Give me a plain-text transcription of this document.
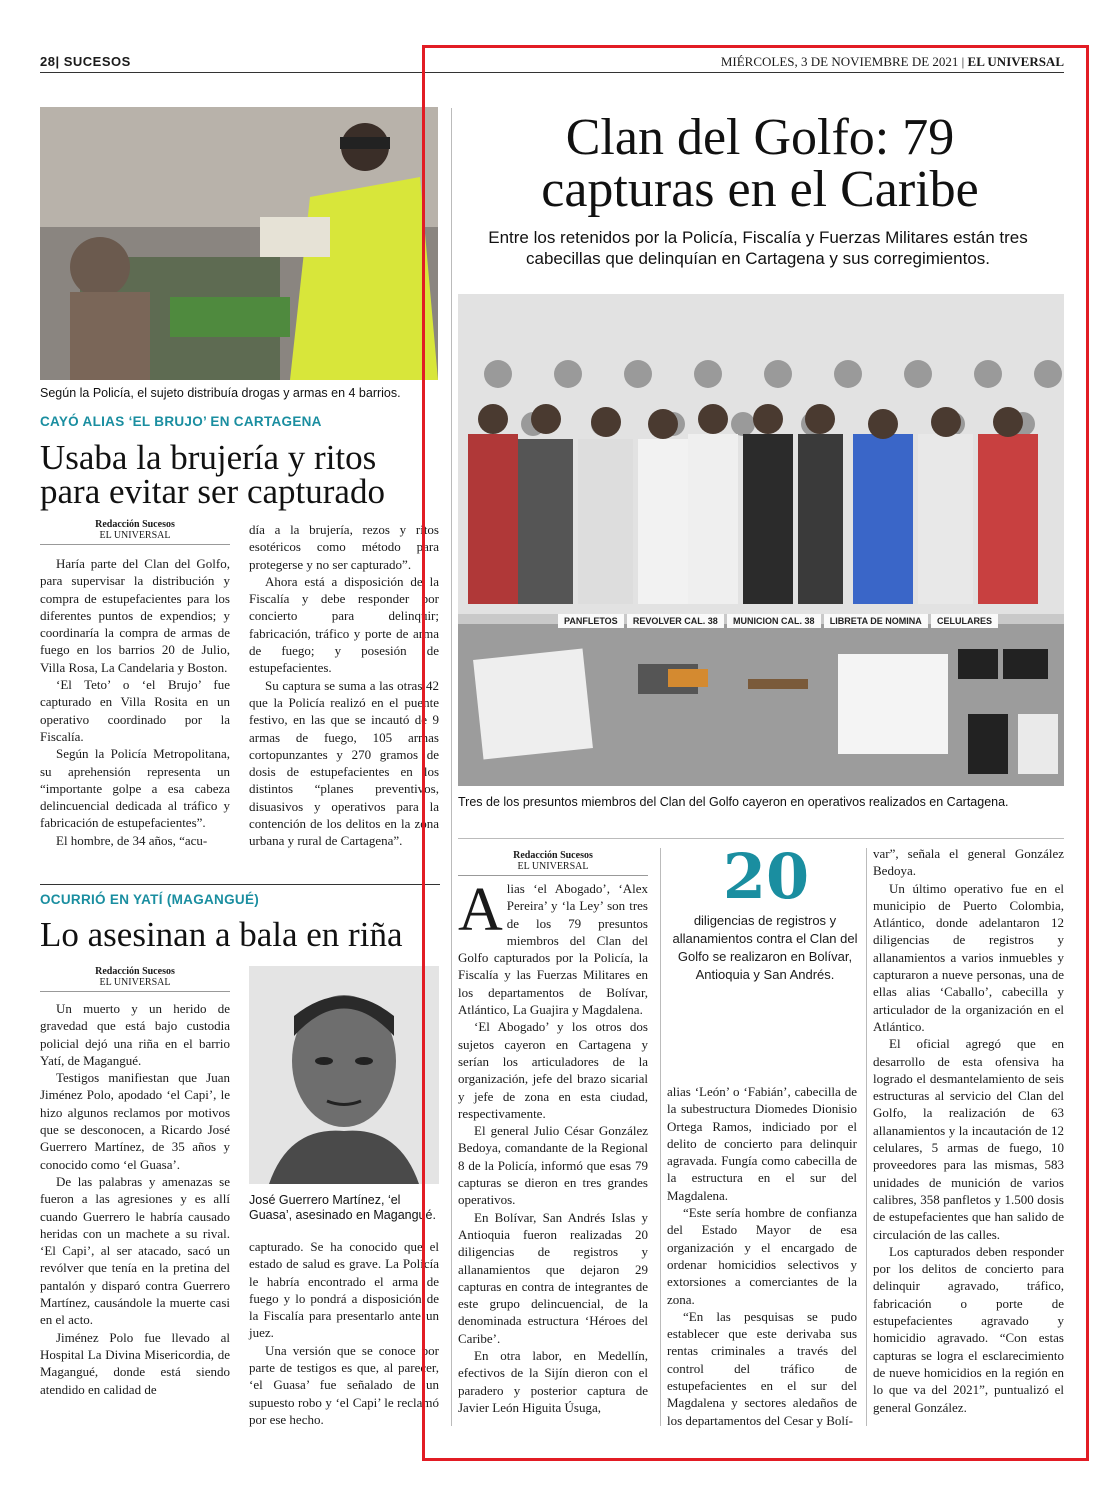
28| SUCESOS	MIÉRCOLES, 3 DE NOVIEMBRE DE 2021 | EL UNIVERSAL
Según la Policía, el sujeto distribuía drogas y armas en 4 barrios.
CAYÓ ALIAS ‘EL BRUJO’ EN CARTAGENA
Usaba la brujería y ritos para evitar ser capturado
Redacción Sucesos
EL UNIVERSAL

Haría parte del Clan del Golfo, para supervisar la distribución y compra de estupefacientes para los diferentes puntos de expendios; y coordinaría la compra de armas de fuego en los barrios 20 de Julio, Villa Rosa, La Candelaria y Boston.

‘El Teto’ o ‘el Brujo’ fue capturado en Villa Rosita en un operativo coordinado por la Fiscalía.

Según la Policía Metropolitana, su aprehensión representa un “importante golpe a esa cabeza delincuencial dedicada al tráfico y fabricación de estupefacientes”.

El hombre, de 34 años, “acu-

día a la brujería, rezos y ritos esotéricos como método para protegerse y no ser capturado”.

Ahora está a disposición de la Fiscalía y debe responder por concierto para delinquir; fabricación, tráfico y porte de arma de fuego; y posesión de estupefacientes.

Su captura se suma a las otras 42 que la Policía realizó en el puente festivo, en las que se incautó de 9 armas de fuego, 105 armas cortopunzantes y 270 gramos de dosis de estupefacientes en los distintos “planes preventivos, disuasivos y operativos para la contención de los delitos en la zona urbana y rural de Cartagena”.

OCURRIÓ EN YATÍ (MAGANGUÉ)
Lo asesinan a bala en riña
Redacción Sucesos
EL UNIVERSAL

Un muerto y un herido de gravedad que está bajo custodia policial dejó una riña en el barrio Yatí, de Magangué.

Testigos manifiestan que Juan Jiménez Polo, apodado ‘el Capi’, le hizo algunos reclamos por motivos que se desconocen, a Ricardo José Guerrero Martínez, de 35 años y conocido como ‘el Guasa’.

De las palabras y amenazas se fueron a las agresiones y es allí cuando Guerrero le habría causado heridas con un machete a su rival. ‘El Capi’, al ser atacado, sacó un revólver que tenía en la pretina del pantalón y disparó contra Guerrero Martínez, causándole la muerte casi en el acto.

Jiménez Polo fue llevado al Hospital La Divina Misericordia, de Magangué, donde está siendo atendido en calidad de

José Guerrero Martínez, ‘el Guasa’, asesinado en Magangué.

capturado. Se ha conocido que el estado de salud es grave. La Policía le habría encontrado el arma de fuego y lo pondrá a disposición de la Fiscalía para presentarlo ante un juez.

Una versión que se conoce por parte de testigos es que, al parecer, ‘el Guasa’ fue señalado de un supuesto robo y ‘el Capi’ le reclamó por ese hecho.

Clan del Golfo: 79 capturas en el Caribe
Entre los retenidos por la Policía, Fiscalía y Fuerzas Militares están tres cabecillas que delinquían en Cartagena y sus corregimientos.
PANFLETOS	REVOLVER CAL. 38	MUNICION CAL. 38	LIBRETA DE NOMINA	CELULARES
Tres de los presuntos miembros del Clan del Golfo cayeron en operativos realizados en Cartagena.
Redacción Sucesos
EL UNIVERSAL

Alias ‘el Abogado’, ‘Alex Pereira’ y ‘la Ley’ son tres de los 79 presuntos miembros del Clan del Golfo capturados por la Policía, la Fiscalía y las Fuerzas Militares en los departamentos de Bolívar, Atlántico, La Guajira y Magdalena.

‘El Abogado’ y los otros dos sujetos cayeron en Cartagena y serían los articuladores de la organización, jefe del brazo sicarial y jefe de zona en esta ciudad, respectivamente.

El general Julio César González Bedoya, comandante de la Regional 8 de la Policía, informó que esas 79 capturas se dieron en tres grandes operativos.

En Bolívar, San Andrés Islas y Antioquia fueron realizadas 20 diligencias de registros y allanamientos que dejaron 29 capturas en contra de integrantes de este grupo delincuencial, de la denominada estructura ‘Héroes del Caribe’.

En otra labor, en Medellín, efectivos de la Sijín dieron con el paradero y posterior captura de Javier León Higuita Úsuga,

20
diligencias de registros y allanamientos contra el Clan del Golfo se realizaron en Bolívar, Antioquia y San Andrés.

alias ‘León’ o ‘Fabián’, cabecilla de la subestructura Diomedes Dionisio Ortega Ramos, indiciado por el delito de concierto para delinquir agravada. Fungía como cabecilla de la estructura en el sur del Magdalena.

“Este sería hombre de confianza del Estado Mayor de esa organización y el encargado de ordenar homicidios selectivos y extorsiones a comerciantes de la zona.

“En las pesquisas se pudo establecer que este derivaba sus rentas criminales a través del control del tráfico de estupefacientes en el sur del Magdalena y sectores aledaños de los departamentos del Cesar y Bolí-

var”, señala el general González Bedoya.

Un último operativo fue en el municipio de Puerto Colombia, Atlántico, donde adelantaron 12 diligencias de registros y allanamientos a varios inmuebles y capturaron a nueve personas, una de ellas alias ‘Caballo’, cabecilla y articulador de la organización en el Atlántico.

El oficial agregó que en desarrollo de esta ofensiva ha logrado el desmantelamiento de seis estructuras al servicio del Clan del Golfo, la realización de 63 allanamientos y la incautación de 12 celulares, 5 armas de fuego, 10 proveedores para las mismas, 583 unidades de munición de varios calibres, 358 panfletos y 1.500 dosis de estupefacientes que han salido de circulación de las calles.

Los capturados deben responder por los delitos de concierto para delinquir agravado, tráfico, fabricación o porte de estupefacientes agravado y homicidio agravado. “Con estas capturas se logra el esclarecimiento de nueve homicidios en la región en lo que va del 2021”, puntualizó el general González.
